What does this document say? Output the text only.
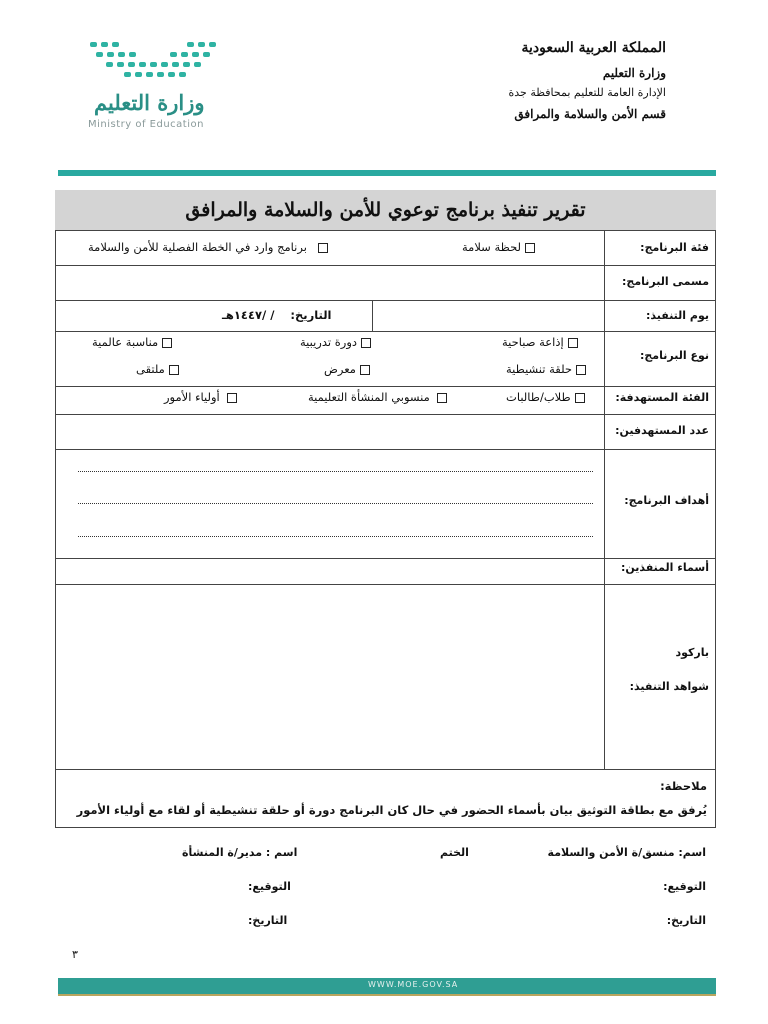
المملكة العربية السعودية
وزارة التعليم
الإدارة العامة للتعليم بمحافظة جدة
قسم الأمن والسلامة والمرافق
وزارة التعليم
Ministry of Education
تقرير تنفيذ برنامج توعوي للأمن والسلامة والمرافق
فئة البرنامج:
لحظة سلامة
برنامج وارد في الخطة الفصلية للأمن والسلامة
مسمى البرنامج:
يوم التنفيذ:
التاريخ:    / /١٤٤٧هـ
نوع البرنامج:
إذاعة صباحية
دورة تدريبية
مناسبة عالمية
حلقة تنشيطية
معرض
ملتقى
الفئة المستهدفة:
طلاب/طالبات
منسوبي المنشأة التعليمية
أولياء الأمور
عدد المستهدفين:
أهداف البرنامج:
أسماء المنفذين:
باركود
شواهد التنفيذ:
ملاحظة:
يُرفق مع بطاقة التوثيق بيان بأسماء الحضور في حال كان البرنامج دورة أو حلقة تنشيطية أو لقاء مع أولياء الأمور
اسم: منسق/ة الأمن والسلامة
الختم
اسم : مدير/ة المنشأة
التوقيع:
التوقيع:
التاريخ:
التاريخ:
٣
WWW.MOE.GOV.SA
